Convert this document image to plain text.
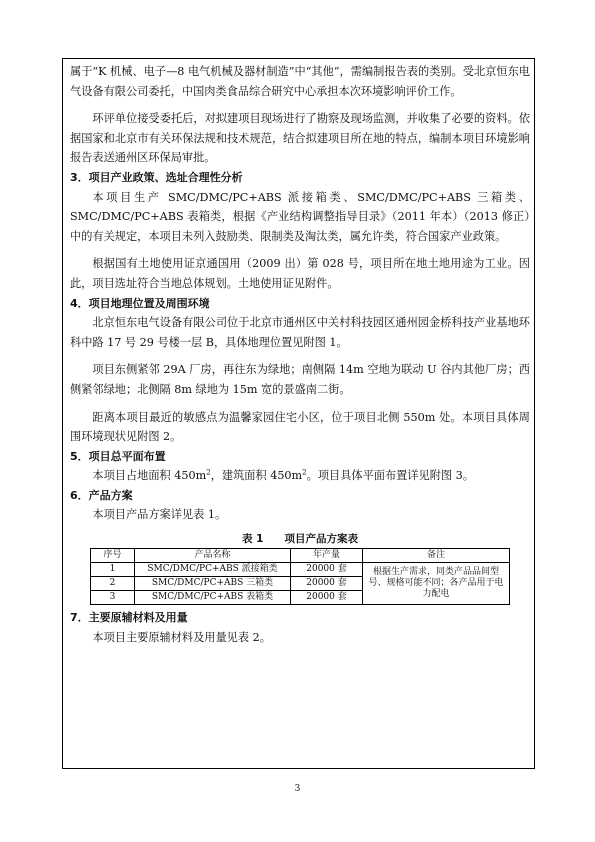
属于“K 机械、电子—8 电气机械及器材制造”中“其他”，需编制报告表的类别。受北京恒东电气设备有限公司委托，中国肉类食品综合研究中心承担本次环境影响评价工作。

环评单位接受委托后，对拟建项目现场进行了勘察及现场监测，并收集了必要的资料。依据国家和北京市有关环保法规和技术规范，结合拟建项目所在地的特点，编制本项目环境影响报告表送通州区环保局审批。

3．项目产业政策、选址合理性分析

本项目生产 SMC/DMC/PC+ABS 派接箱类、SMC/DMC/PC+ABS 三箱类、SMC/DMC/PC+ABS 表箱类，根据《产业结构调整指导目录》（2011 年本）（2013 修正）中的有关规定，本项目未列入鼓励类、限制类及淘汰类，属允许类，符合国家产业政策。

根据国有土地使用证京通国用（2009 出）第 028 号，项目所在地土地用途为工业。因此，项目选址符合当地总体规划。土地使用证见附件。

4．项目地理位置及周围环境

北京恒东电气设备有限公司位于北京市通州区中关村科技园区通州园金桥科技产业基地环科中路 17 号 29 号楼一层 B，具体地理位置见附图 1。

项目东侧紧邻 29A 厂房，再往东为绿地；南侧隔 14m 空地为联动 U 谷内其他厂房；西侧紧邻绿地；北侧隔 8m 绿地为 15m 宽的景盛南二街。

距离本项目最近的敏感点为温馨家园住宅小区，位于项目北侧 550m 处。本项目具体周围环境现状见附图 2。

5．项目总平面布置

本项目占地面积 $450m^2$，建筑面积 $450m^2$。项目具体平面布置详见附图 3。

6．产品方案

本项目产品方案详见表 1。

表 1　　项目产品方案表
序号	产品名称	年产量	备注
1	SMC/DMC/PC+ABS 派接箱类	20000 套	根据生产需求，同类产品品间型号、规格可能不同；各产品用于电力配电
2	SMC/DMC/PC+ABS 三箱类	20000 套	
3	SMC/DMC/PC+ABS 表箱类	20000 套	

7．主要原辅材料及用量

本项目主要原辅材料及用量见表 2。

3
